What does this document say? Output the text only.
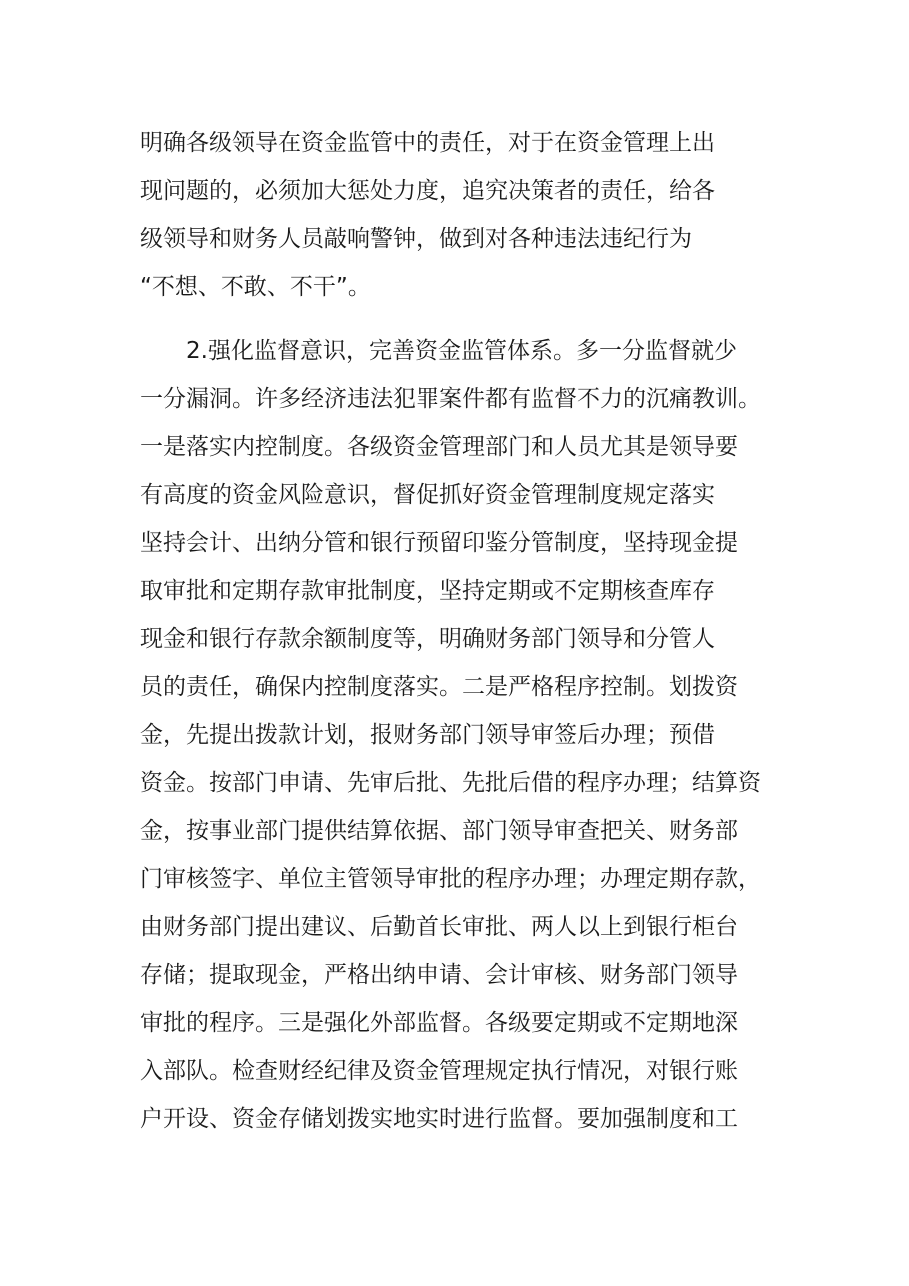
明确各级领导在资金监管中的责任，对于在资金管理上出
现问题的，必须加大惩处力度，追究决策者的责任，给各
级领导和财务人员敲响警钟，做到对各种违法违纪行为
“不想、不敢、不干”。
2.强化监督意识，完善资金监管体系。多一分监督就少
一分漏洞。许多经济违法犯罪案件都有监督不力的沉痛教训。
一是落实内控制度。各级资金管理部门和人员尤其是领导要
有高度的资金风险意识，督促抓好资金管理制度规定落实
坚持会计、出纳分管和银行预留印鉴分管制度，坚持现金提
取审批和定期存款审批制度，坚持定期或不定期核查库存
现金和银行存款余额制度等，明确财务部门领导和分管人
员的责任，确保内控制度落实。二是严格程序控制。划拨资
金，先提出拨款计划，报财务部门领导审签后办理；预借
资金。按部门申请、先审后批、先批后借的程序办理；结算资
金，按事业部门提供结算依据、部门领导审查把关、财务部
门审核签字、单位主管领导审批的程序办理；办理定期存款，
由财务部门提出建议、后勤首长审批、两人以上到银行柜台
存储；提取现金，严格出纳申请、会计审核、财务部门领导
审批的程序。三是强化外部监督。各级要定期或不定期地深
入部队。检查财经纪律及资金管理规定执行情况，对银行账
户开设、资金存储划拨实地实时进行监督。要加强制度和工
